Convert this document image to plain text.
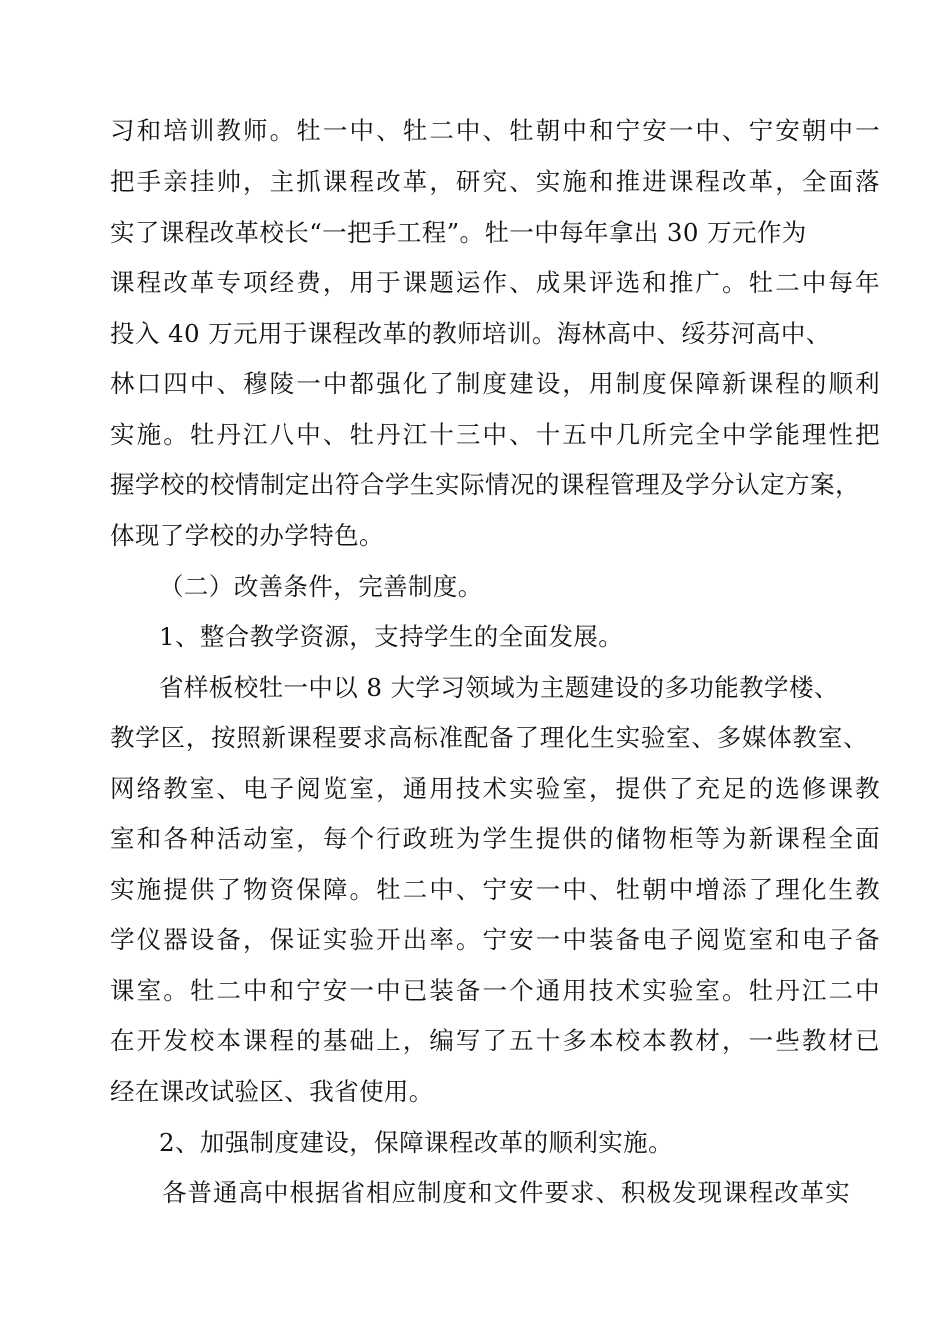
习和培训教师。牡一中、牡二中、牡朝中和宁安一中、宁安朝中一
把手亲挂帅，主抓课程改革，研究、实施和推进课程改革，全面落
实了课程改革校长“一把手工程”。牡一中每年拿出 30 万元作为
课程改革专项经费，用于课题运作、成果评选和推广。牡二中每年
投入 40 万元用于课程改革的教师培训。海林高中、绥芬河高中、
林口四中、穆陵一中都强化了制度建设，用制度保障新课程的顺利
实施。牡丹江八中、牡丹江十三中、十五中几所完全中学能理性把
握学校的校情制定出符合学生实际情况的课程管理及学分认定方案，
体现了学校的办学特色。
（二）改善条件，完善制度。
1、整合教学资源，支持学生的全面发展。
省样板校牡一中以 8 大学习领域为主题建设的多功能教学楼、
教学区，按照新课程要求高标准配备了理化生实验室、多媒体教室、
网络教室、电子阅览室，通用技术实验室，提供了充足的选修课教
室和各种活动室，每个行政班为学生提供的储物柜等为新课程全面
实施提供了物资保障。牡二中、宁安一中、牡朝中增添了理化生教
学仪器设备，保证实验开出率。宁安一中装备电子阅览室和电子备
课室。牡二中和宁安一中已装备一个通用技术实验室。牡丹江二中
在开发校本课程的基础上，编写了五十多本校本教材，一些教材已
经在课改试验区、我省使用。
2、加强制度建设，保障课程改革的顺利实施。
各普通高中根据省相应制度和文件要求、积极发现课程改革实
